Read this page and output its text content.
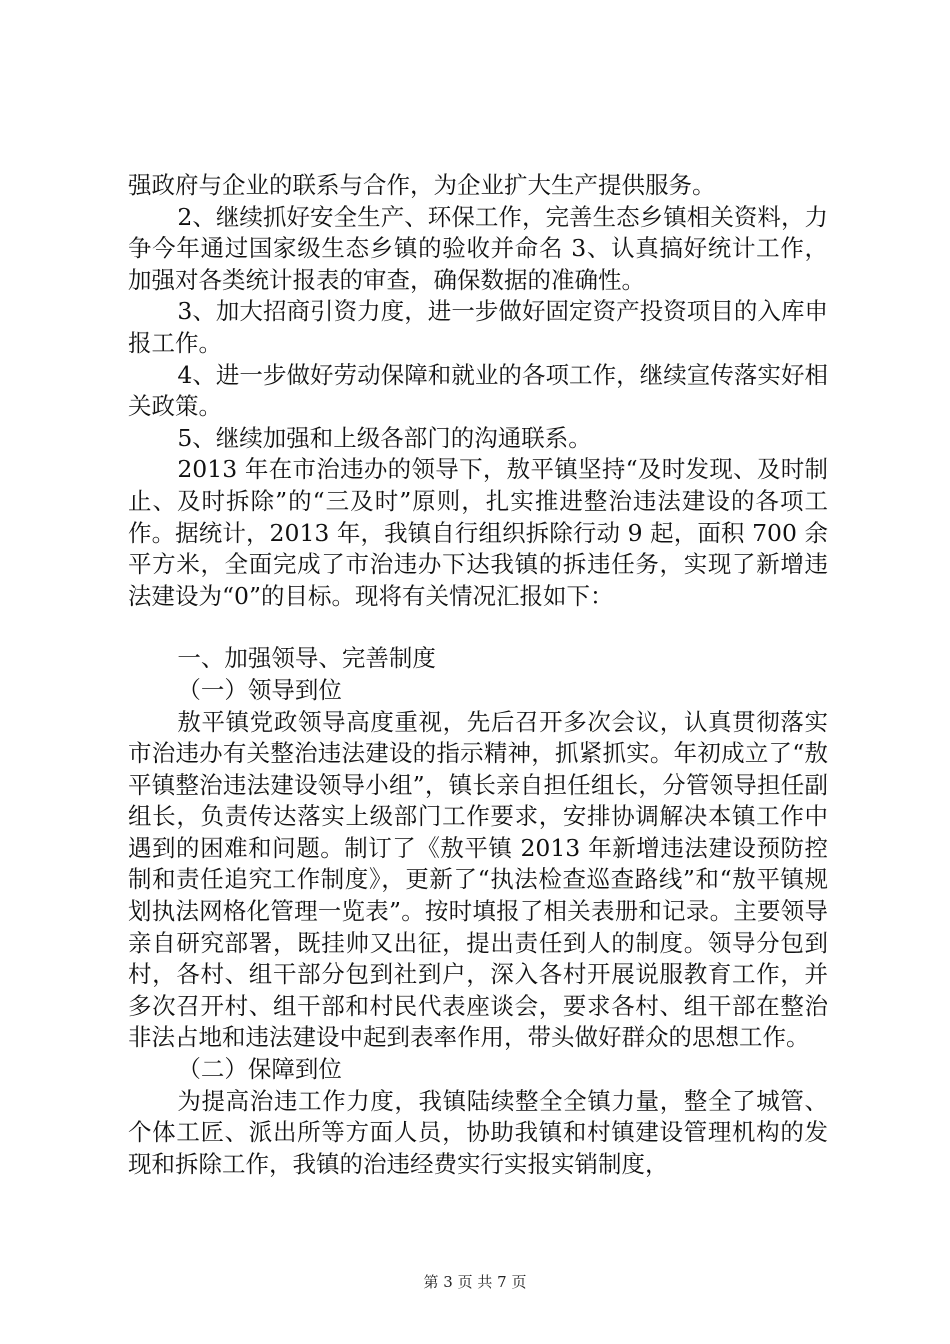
强政府与企业的联系与合作，为企业扩大生产提供服务。

2、继续抓好安全生产、环保工作，完善生态乡镇相关资料，力争今年通过国家级生态乡镇的验收并命名 3、认真搞好统计工作，加强对各类统计报表的审查，确保数据的准确性。

3、加大招商引资力度，进一步做好固定资产投资项目的入库申报工作。

4、进一步做好劳动保障和就业的各项工作，继续宣传落实好相关政策。

5、继续加强和上级各部门的沟通联系。

2013 年在市治违办的领导下，敖平镇坚持“及时发现、及时制止、及时拆除”的“三及时”原则，扎实推进整治违法建设的各项工作。据统计，2013 年，我镇自行组织拆除行动 9 起，面积 700 余平方米，全面完成了市治违办下达我镇的拆违任务，实现了新增违法建设为“0”的目标。现将有关情况汇报如下：

一、加强领导、完善制度

（一）领导到位

敖平镇党政领导高度重视，先后召开多次会议，认真贯彻落实市治违办有关整治违法建设的指示精神，抓紧抓实。年初成立了“敖平镇整治违法建设领导小组”，镇长亲自担任组长，分管领导担任副组长，负责传达落实上级部门工作要求，安排协调解决本镇工作中遇到的困难和问题。制订了《敖平镇 2013 年新增违法建设预防控制和责任追究工作制度》，更新了“执法检查巡查路线”和“敖平镇规划执法网格化管理一览表”。按时填报了相关表册和记录。主要领导亲自研究部署，既挂帅又出征，提出责任到人的制度。领导分包到村，各村、组干部分包到社到户，深入各村开展说服教育工作，并多次召开村、组干部和村民代表座谈会，要求各村、组干部在整治非法占地和违法建设中起到表率作用，带头做好群众的思想工作。

（二）保障到位

为提高治违工作力度，我镇陆续整全全镇力量，整全了城管、个体工匠、派出所等方面人员，协助我镇和村镇建设管理机构的发现和拆除工作，我镇的治违经费实行实报实销制度，

第 3 页 共 7 页
